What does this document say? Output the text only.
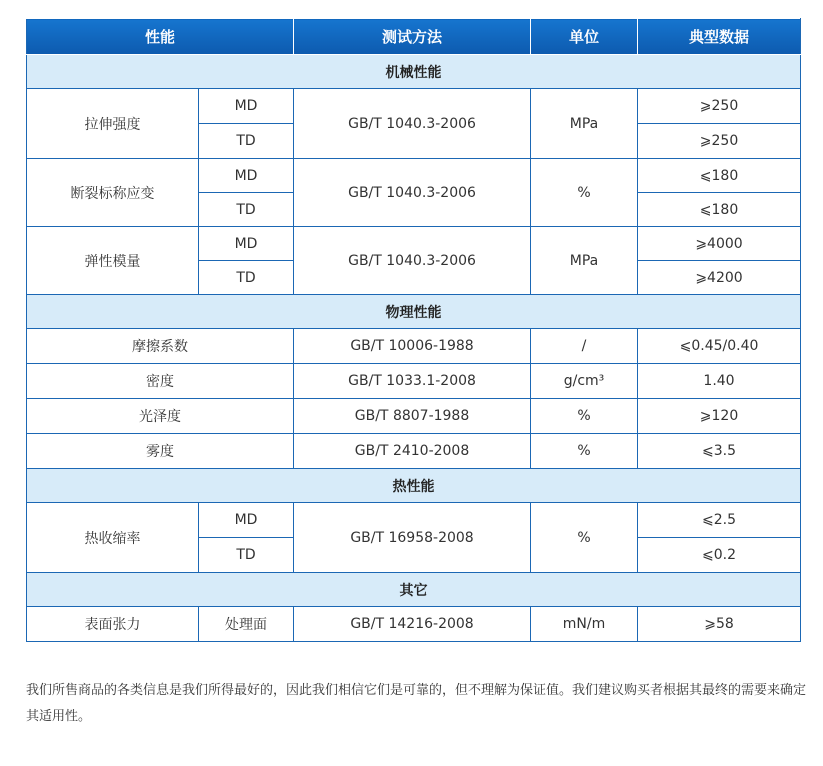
性能		测试方法	单位	典型数据
机械性能				
拉伸强度	MD	GB/T 1040.3-2006	MPa	⩾250
	TD			⩾250
断裂标称应变	MD	GB/T 1040.3-2006	%	⩽180
	TD			⩽180
弹性模量	MD	GB/T 1040.3-2006	MPa	⩾4000
	TD			⩾4200
物理性能				
摩擦系数		GB/T 10006-1988	/	⩽0.45/0.40
密度		GB/T 1033.1-2008	g/cm³	1.40
光泽度		GB/T 8807-1988	%	⩾120
雾度		GB/T 2410-2008	%	⩽3.5
热性能				
热收缩率	MD	GB/T 16958-2008	%	⩽2.5
	TD			⩽0.2
其它				
表面张力	处理面	GB/T 14216-2008	mN/m	⩾58
我们所售商品的各类信息是我们所得最好的，因此我们相信它们是可靠的，但不理解为保证值。我们建议购买者根据其最终的需要来确定其适用性。
